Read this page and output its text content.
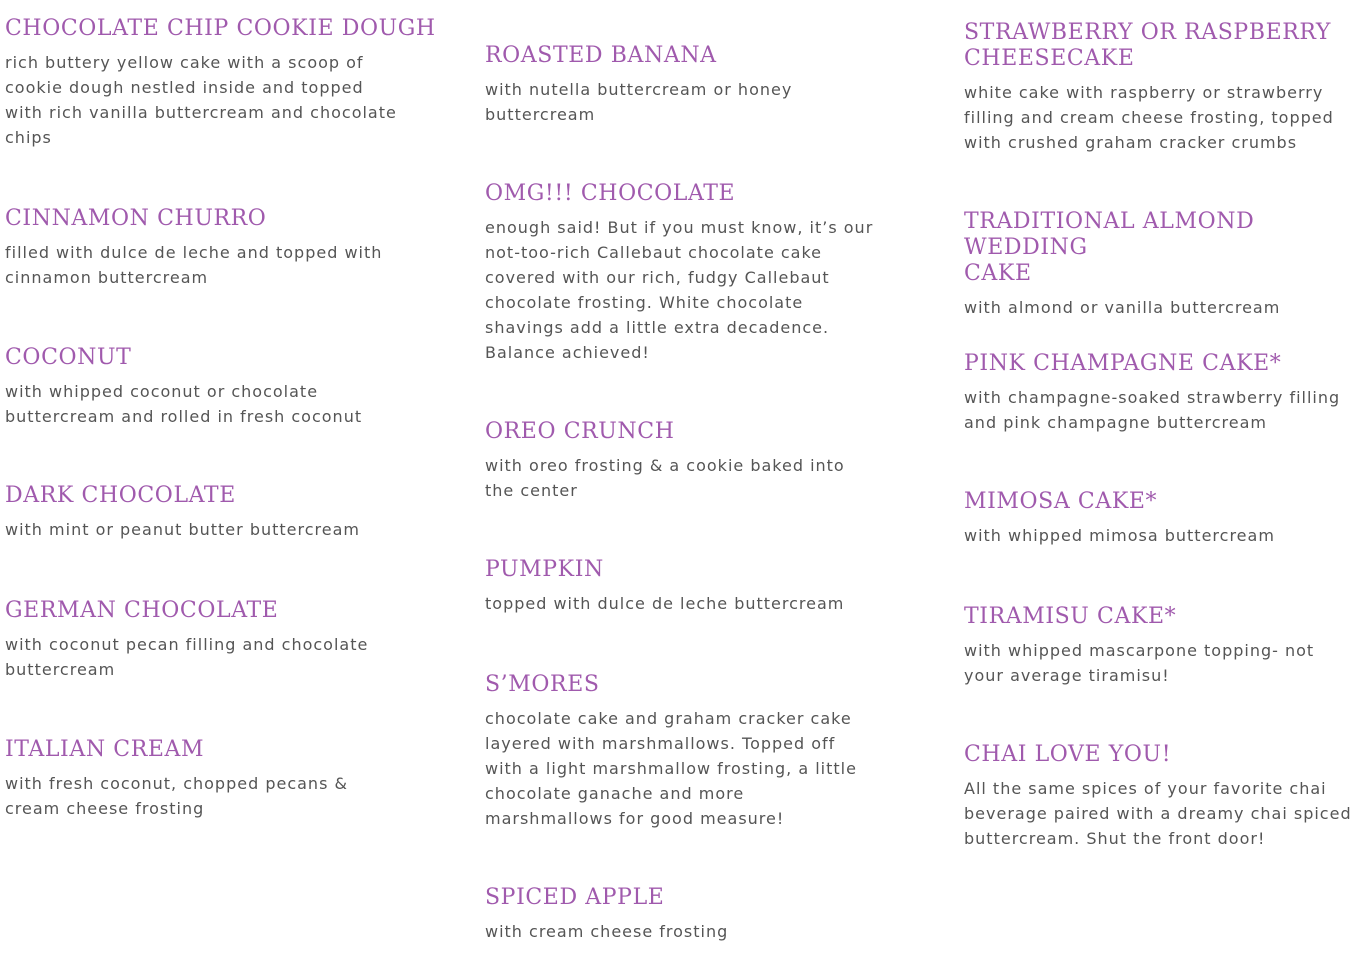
CHOCOLATE CHIP COOKIE DOUGH

rich buttery yellow cake with a scoop of
cookie dough nestled inside and topped
with rich vanilla buttercream and chocolate
chips

CINNAMON CHURRO

filled with dulce de leche and topped with
cinnamon buttercream

COCONUT

with whipped coconut or chocolate
buttercream and rolled in fresh coconut

DARK CHOCOLATE

with mint or peanut butter buttercream

GERMAN CHOCOLATE

with coconut pecan filling and chocolate
buttercream

ITALIAN CREAM

with fresh coconut, chopped pecans &
cream cheese frosting

ROASTED BANANA

with nutella buttercream or honey
buttercream

OMG!!! CHOCOLATE

enough said! But if you must know, it’s our
not-too-rich Callebaut chocolate cake
covered with our rich, fudgy Callebaut
chocolate frosting. White chocolate
shavings add a little extra decadence.
Balance achieved!

OREO CRUNCH

with oreo frosting & a cookie baked into
the center

PUMPKIN

topped with dulce de leche buttercream

S’MORES

chocolate cake and graham cracker cake
layered with marshmallows. Topped off
with a light marshmallow frosting, a little
chocolate ganache and more
marshmallows for good measure!

SPICED APPLE

with cream cheese frosting

STRAWBERRY OR RASPBERRY
CHEESECAKE

white cake with raspberry or strawberry
filling and cream cheese frosting, topped
with crushed graham cracker crumbs

TRADITIONAL ALMOND WEDDING
CAKE

with almond or vanilla buttercream

PINK CHAMPAGNE CAKE*

with champagne-soaked strawberry filling
and pink champagne buttercream

MIMOSA CAKE*

with whipped mimosa buttercream

TIRAMISU CAKE*

with whipped mascarpone topping- not
your average tiramisu!

CHAI LOVE YOU!

All the same spices of your favorite chai
beverage paired with a dreamy chai spiced
buttercream. Shut the front door!
